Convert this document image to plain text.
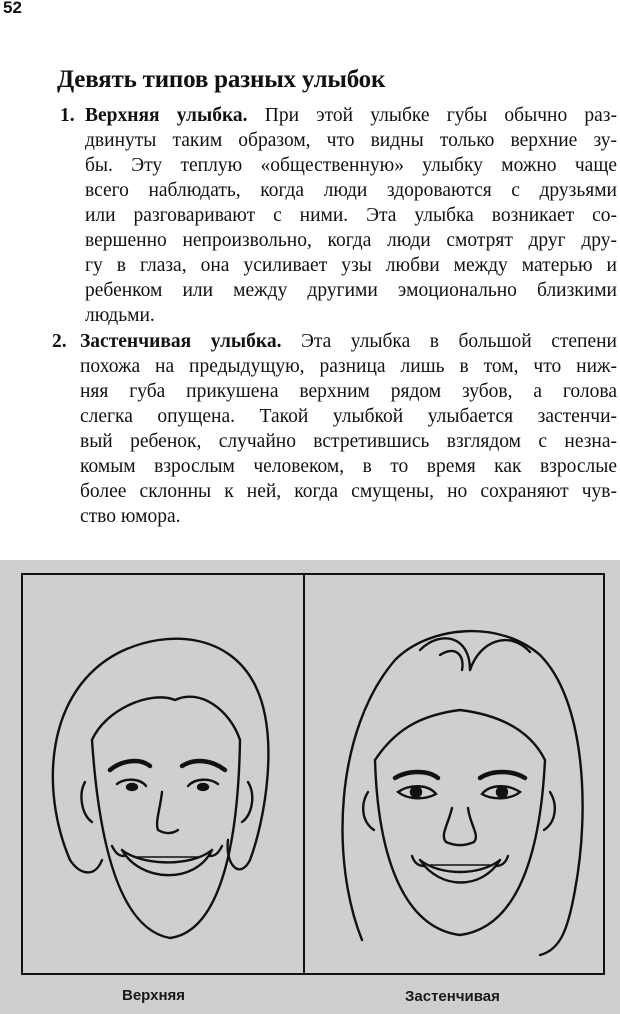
52
Девять типов разных улыбок
1. Верхняя улыбка. При этой улыбке губы обычно раз-
двинуты таким образом, что видны только верхние зу-
бы. Эту теплую «общественную» улыбку можно чаще
всего наблюдать, когда люди здороваются с друзьями
или разговаривают с ними. Эта улыбка возникает со-
вершенно непроизвольно, когда люди смотрят друг дру-
гу в глаза, она усиливает узы любви между матерью и
ребенком или между другими эмоционально близкими
людьми.
2. Застенчивая улыбка. Эта улыбка в большой степени
похожа на предыдущую, разница лишь в том, что ниж-
няя губа прикушена верхним рядом зубов, а голова
слегка опущена. Такой улыбкой улыбается застенчи-
вый ребенок, случайно встретившись взглядом с незна-
комым взрослым человеком, в то время как взрослые
более склонны к ней, когда смущены, но сохраняют чув-
ство юмора.
Верхняя	Застенчивая
